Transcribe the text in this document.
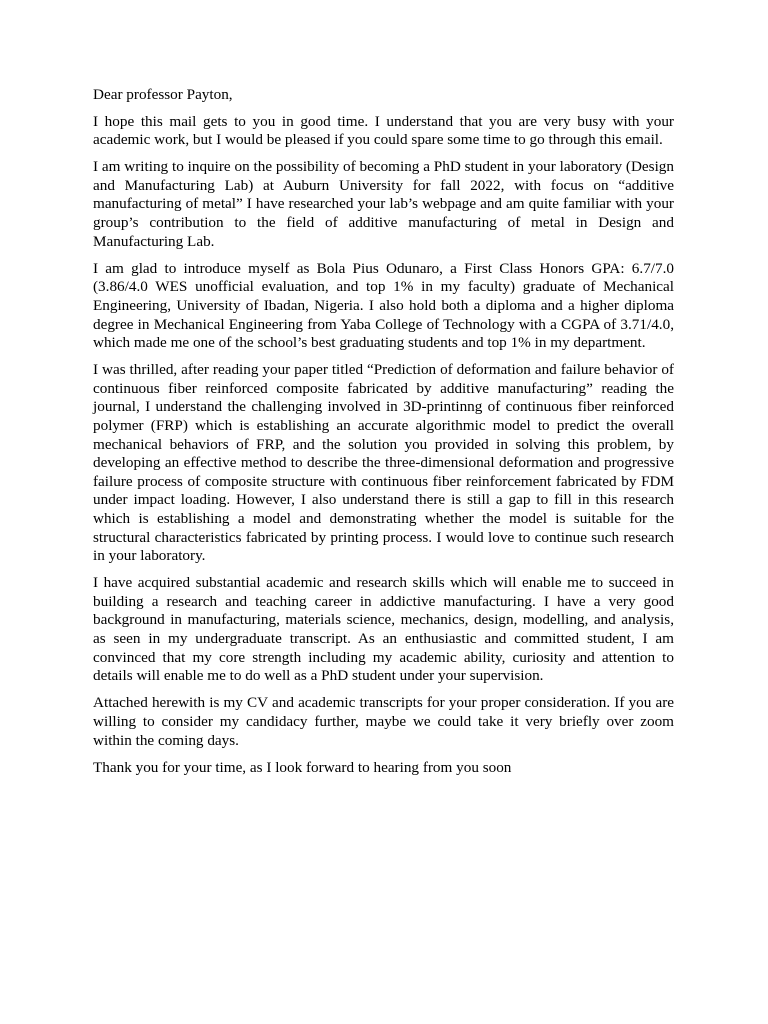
Dear professor Payton,

I hope this mail gets to you in good time. I understand that you are very busy with your academic work, but I would be pleased if you could spare some time to go through this email.

I am writing to inquire on the possibility of becoming a PhD student in your laboratory (Design and Manufacturing Lab) at Auburn University for fall 2022, with focus on “additive manufacturing of metal” I have researched your lab’s webpage and am quite familiar with your group’s contribution to the field of additive manufacturing of metal in Design and Manufacturing Lab.

I am glad to introduce myself as Bola Pius Odunaro, a First Class Honors GPA: 6.7/7.0 (3.86/4.0 WES unofficial evaluation, and top 1% in my faculty) graduate of Mechanical Engineering, University of Ibadan, Nigeria. I also hold both a diploma and a higher diploma degree in Mechanical Engineering from Yaba College of Technology with a CGPA of 3.71/4.0, which made me one of the school’s best graduating students and top 1% in my department.

I was thrilled, after reading your paper titled “Prediction of deformation and failure behavior of continuous fiber reinforced composite fabricated by additive manufacturing” reading the journal, I understand the challenging involved in 3D-printinng of continuous fiber reinforced polymer (FRP) which is establishing an accurate algorithmic model to predict the overall mechanical behaviors of FRP, and the solution you provided in solving this problem, by developing an effective method to describe the three-dimensional deformation and progressive failure process of composite structure with continuous fiber reinforcement fabricated by FDM under impact loading. However, I also understand there is still a gap to fill in this research which is establishing a model and demonstrating whether the model is suitable for the structural characteristics fabricated by printing process. I would love to continue such research in your laboratory.

I have acquired substantial academic and research skills which will enable me to succeed in building a research and teaching career in addictive manufacturing. I have a very good background in manufacturing, materials science, mechanics, design, modelling, and analysis, as seen in my undergraduate transcript. As an enthusiastic and committed student, I am convinced that my core strength including my academic ability, curiosity and attention to details will enable me to do well as a PhD student under your supervision.

Attached herewith is my CV and academic transcripts for your proper consideration. If you are willing to consider my candidacy further, maybe we could take it very briefly over zoom within the coming days.

Thank you for your time, as I look forward to hearing from you soon
